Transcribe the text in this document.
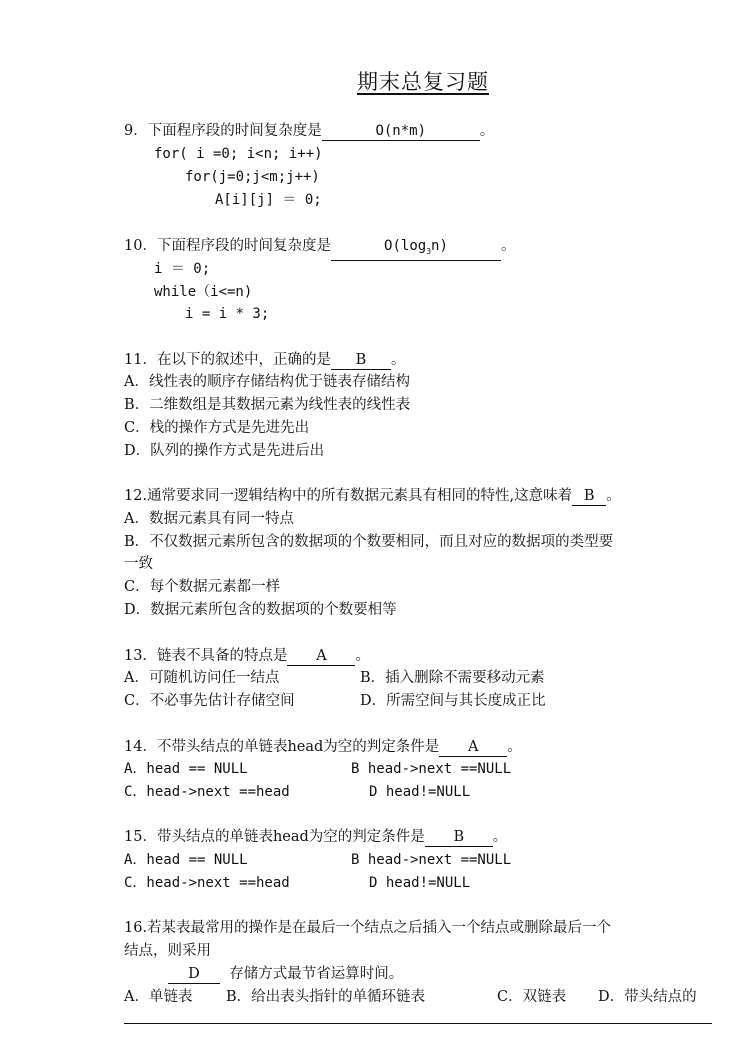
期末总复习题
9．下面程序段的时间复杂度是	O(n*m)	。
for( i =0; i<n; i++)
for(j=0;j<m;j++)
A[i][j] ＝ 0;
10．下面程序段的时间复杂度是	$O(\log_3n)$	。
i ＝ 0;
while（i<=n)
i = i * 3;
11．在以下的叙述中，正确的是 B 。
A．线性表的顺序存储结构优于链表存储结构
B．二维数组是其数据元素为线性表的线性表
C．栈的操作方式是先进先出
D．队列的操作方式是先进后出
12.通常要求同一逻辑结构中的所有数据元素具有相同的特性,这意味着 B 。
A．数据元素具有同一特点
B．不仅数据元素所包含的数据项的个数要相同，而且对应的数据项的类型要
一致
C．每个数据元素都一样
D．数据元素所包含的数据项的个数要相等
13．链表不具备的特点是 A 。
A．可随机访问任一结点	B．插入删除不需要移动元素
C．不必事先估计存储空间	D．所需空间与其长度成正比
14．不带头结点的单链表head为空的判定条件是 A 。
A．head == NULL	B head->next ==NULL
C．head->next ==head	D head!=NULL
15．带头结点的单链表head为空的判定条件是 B 。
A．head == NULL	B head->next ==NULL
C．head->next ==head	D head!=NULL
16.若某表最常用的操作是在最后一个结点之后插入一个结点或删除最后一个
结点，则采用
D 存储方式最节省运算时间。
A．单链表 B．给出表头指针的单循环链表	C．双链表 D．带头结点的
